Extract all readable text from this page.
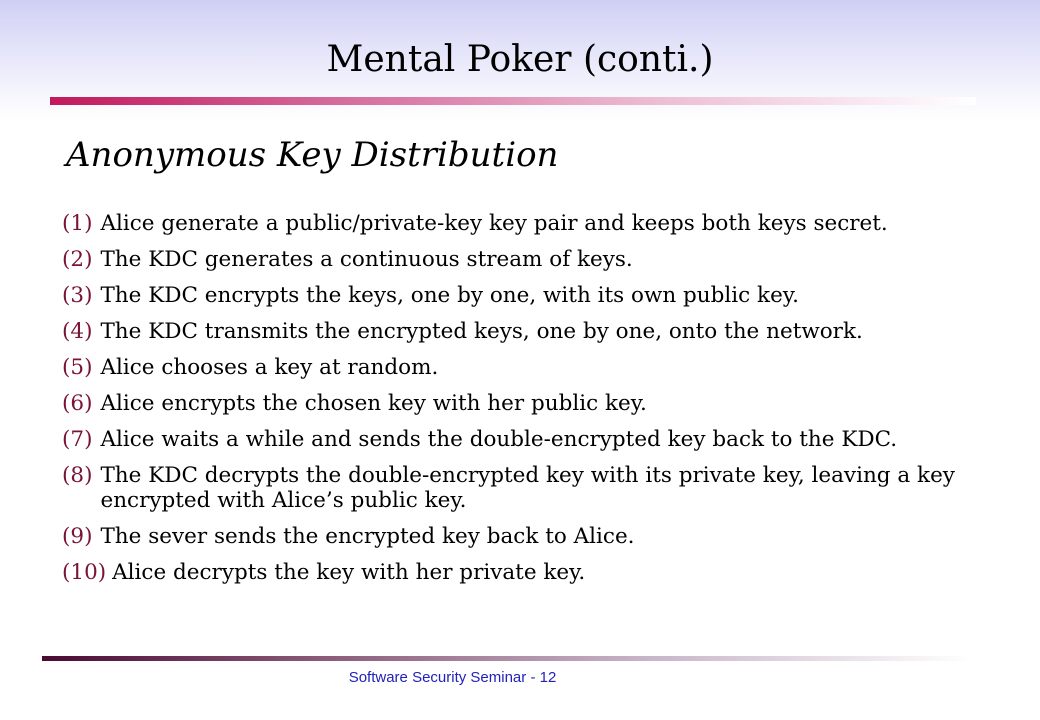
Mental Poker (conti.)
Anonymous Key Distribution
(1) Alice generate a public/private-key key pair and keeps both keys secret.
(2) The KDC generates a continuous stream of keys.
(3) The KDC encrypts the keys, one by one, with its own public key.
(4) The KDC transmits the encrypted keys, one by one, onto the network.
(5) Alice chooses a key at random.
(6) Alice encrypts the chosen key with her public key.
(7) Alice waits a while and sends the double-encrypted key back to the KDC.
(8) The KDC decrypts the double-encrypted key with its private key, leaving a key encrypted with Alice’s public key.
(9) The sever sends the encrypted key back to Alice.
(10) Alice decrypts the key with her private key.
Software Security Seminar - 12
